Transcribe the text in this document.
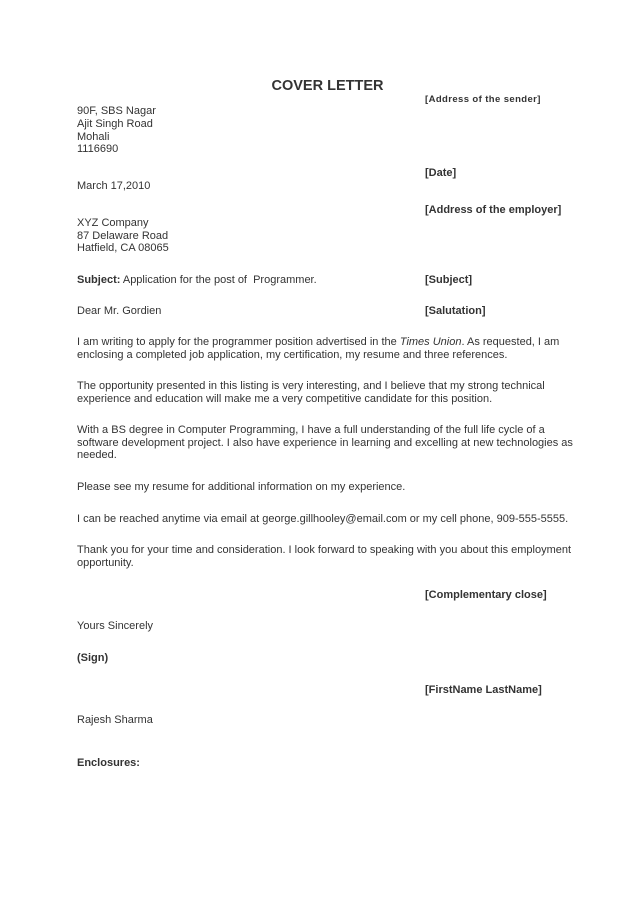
COVER LETTER
[Address of the sender]
90F, SBS Nagar
Ajit Singh Road
Mohali
1116690
[Date]
March 17,2010
[Address of the employer]
XYZ Company
87 Delaware Road
Hatfield, CA 08065
Subject: Application for the post of  Programmer.	[Subject]
Dear Mr. Gordien	[Salutation]
I am writing to apply for the programmer position advertised in the Times Union. As requested, I am
enclosing a completed job application, my certification, my resume and three references.
The opportunity presented in this listing is very interesting, and I believe that my strong technical
experience and education will make me a very competitive candidate for this position.
With a BS degree in Computer Programming, I have a full understanding of the full life cycle of a
software development project. I also have experience in learning and excelling at new technologies as
needed.
Please see my resume for additional information on my experience.
I can be reached anytime via email at george.gillhooley@email.com or my cell phone, 909-555-5555.
Thank you for your time and consideration. I look forward to speaking with you about this employment
opportunity.
[Complementary close]
Yours Sincerely
(Sign)
[FirstName LastName]
Rajesh Sharma
Enclosures:
